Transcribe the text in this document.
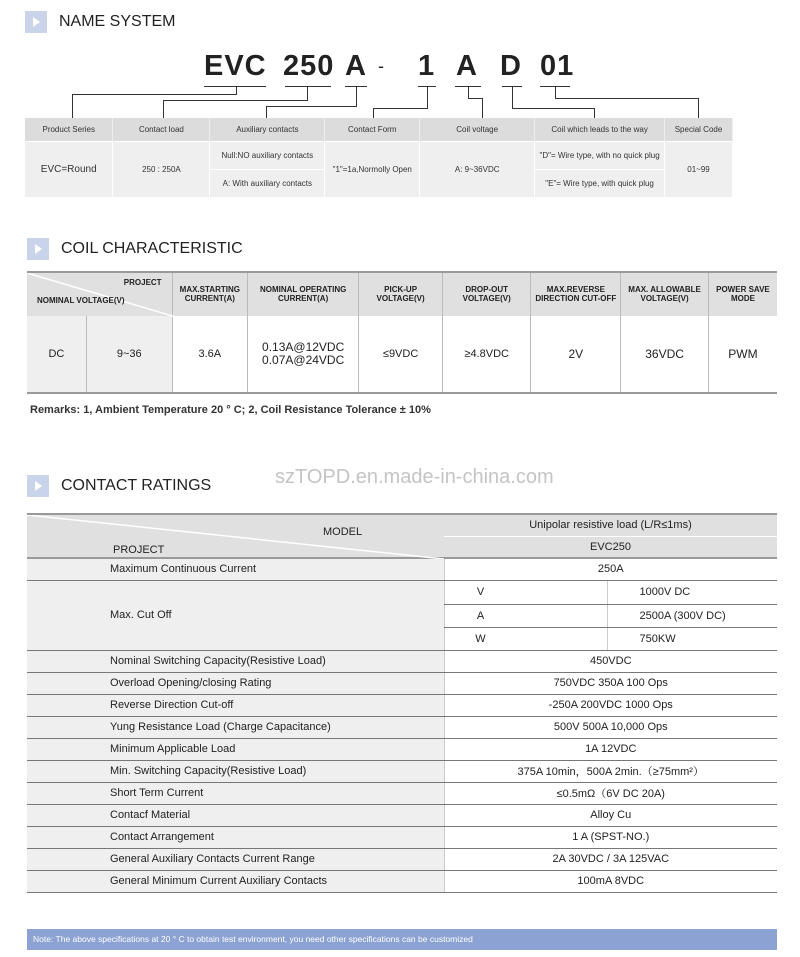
NAME SYSTEM
EVC 250 A - 1 A D 01
Product Series	Contact load	Auxiliary contacts	Contact Form	Coil voltage	Coil which leads to the way	Special Code
EVC=Round	250 : 250A	Null:NO auxiliary contacts	"1"=1a,Normolly Open	A: 9~36VDC	"D"= Wire type, with no quick plug	01~99
		A: With auxiliary contacts			"E"= Wire type, with quick plug	
COIL CHARACTERISTIC
PROJECT
NOMINAL VOLTAGE(V)		MAX.STARTING CURRENT(A)	NOMINAL OPERATING CURRENT(A)	PICK-UP VOLTAGE(V)	DROP-OUT VOLTAGE(V)	MAX.REVERSE DIRECTION CUT-OFF	MAX. ALLOWABLE VOLTAGE(V)	POWER SAVE MODE
DC	9~36	3.6A	0.13A@12VDC 0.07A@24VDC	≤9VDC	≥4.8VDC	2V	36VDC	PWM
Remarks: 1, Ambient Temperature 20 ° C; 2, Coil Resistance Tolerance ± 10%
szTOPD.en.made-in-china.com
CONTACT RATINGS
MODEL
PROJECT	Unipolar resistive load (L/R≤1ms)	
	EVC250	
Maximum Continuous Current	250A	
Max. Cut Off	V	1000V DC
	A	2500A (300V DC)
	W	750KW
Nominal Switching Capacity(Resistive Load)	450VDC	
Overload Opening/closing Rating	750VDC 350A 100 Ops	
Reverse Direction Cut-off	-250A 200VDC 1000 Ops	
Yung Resistance Load (Charge Capacitance)	500V 500A 10,000 Ops	
Minimum Applicable Load	1A 12VDC	
Min. Switching Capacity(Resistive Load)	375A 10min，500A 2min.（≥75mm²）	
Short Term Current	≤0.5mΩ（6V DC 20A)	
Contacf Material	Alloy Cu	
Contact Arrangement	1 A (SPST-NO.)	
General Auxiliary Contacts Current Range	2A 30VDC / 3A 125VAC	
General Minimum Current Auxiliary Contacts	100mA 8VDC	
Note: The above specifications at 20 ° C to obtain test environment, you need other specifications can be customized
